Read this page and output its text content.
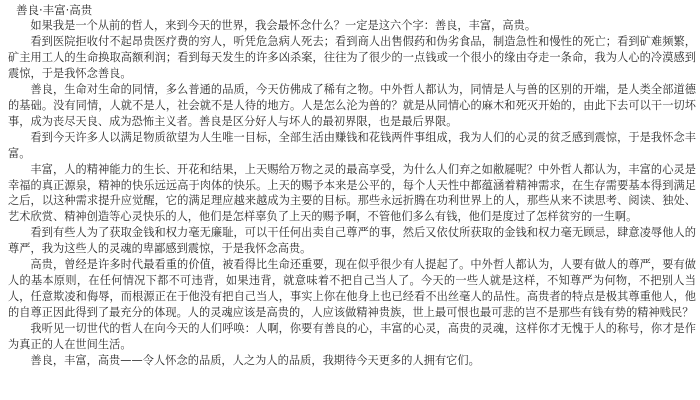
善良·丰富·高贵

如果我是一个从前的哲人，来到今天的世界，我会最怀念什么？一定是这六个字：善良，丰富，高贵。

看到医院拒收付不起昂贵医疗费的穷人，听凭危急病人死去；看到商人出售假药和伪劣食品，制造急性和慢性的死亡；看到矿难频繁，矿主用工人的生命换取高额利润；看到每天发生的许多凶杀案，往往为了很少的一点钱或一个很小的缘由夺走一条命，我为人心的冷漠感到震惊，于是我怀念善良。

善良，生命对生命的同情，多么普通的品质，今天仿佛成了稀有之物。中外哲人都认为，同情是人与兽的区别的开端，是人类全部道德的基础。没有同情，人就不是人，社会就不是人待的地方。人是怎么沦为兽的？就是从同情心的麻木和死灭开始的，由此下去可以干一切坏事，成为丧尽天良、成为恐怖主义者。善良是区分好人与坏人的最初界限，也是最后界限。

看到今天许多人以满足物质欲望为人生唯一目标，全部生活由赚钱和花钱两件事组成，我为人们的心灵的贫乏感到震惊，于是我怀念丰富。

丰富，人的精神能力的生长、开花和结果，上天赐给万物之灵的最高享受，为什么人们弃之如敝屣呢？中外哲人都认为，丰富的心灵是幸福的真正源泉，精神的快乐远远高于肉体的快乐。上天的赐予本来是公平的，每个人天性中都蕴涵着精神需求，在生存需要基本得到满足之后，以这种需求提升应觉醒，它的满足理应越来越成为主要的目标。那些永远折腾在功利世界上的人，那些从来不读思考、阅读、独处、艺术欣赏、精神创造等心灵快乐的人，他们是怎样辜负了上天的赐予啊，不管他们多么有钱，他们是度过了怎样贫穷的一生啊。

看到有些人为了获取金钱和权力毫无廉耻，可以干任何出卖自己尊严的事，然后又依仗所获取的金钱和权力毫无顾忌，肆意凌辱他人的尊严，我为这些人的灵魂的卑鄙感到震惊，于是我怀念高贵。

高贵，曾经是许多时代最看重的价值，被看得比生命还重要，现在似乎很少有人提起了。中外哲人都认为，人要有做人的尊严，要有做人的基本原则，在任何情况下都不可违背，如果违背，就意味着不把自己当人了。今天的一些人就是这样，不知尊严为何物，不把别人当人，任意欺凌和侮辱，而根源正在于他没有把自己当人，事实上你在他身上也已经看不出丝毫人的品性。高贵者的特点是极其尊重他人，他的自尊正因此得到了最充分的体现。人的灵魂应该是高贵的，人应该做精神贵族，世上最可恨也最可悲的岂不是那些有钱有势的精神贱民？

我听见一切世代的哲人在向今天的人们呼唤：人啊，你要有善良的心，丰富的心灵，高贵的灵魂，这样你才无愧于人的称号，你才是作为真正的人在世间生活。

善良，丰富，高贵——令人怀念的品质，人之为人的品质，我期待今天更多的人拥有它们。
